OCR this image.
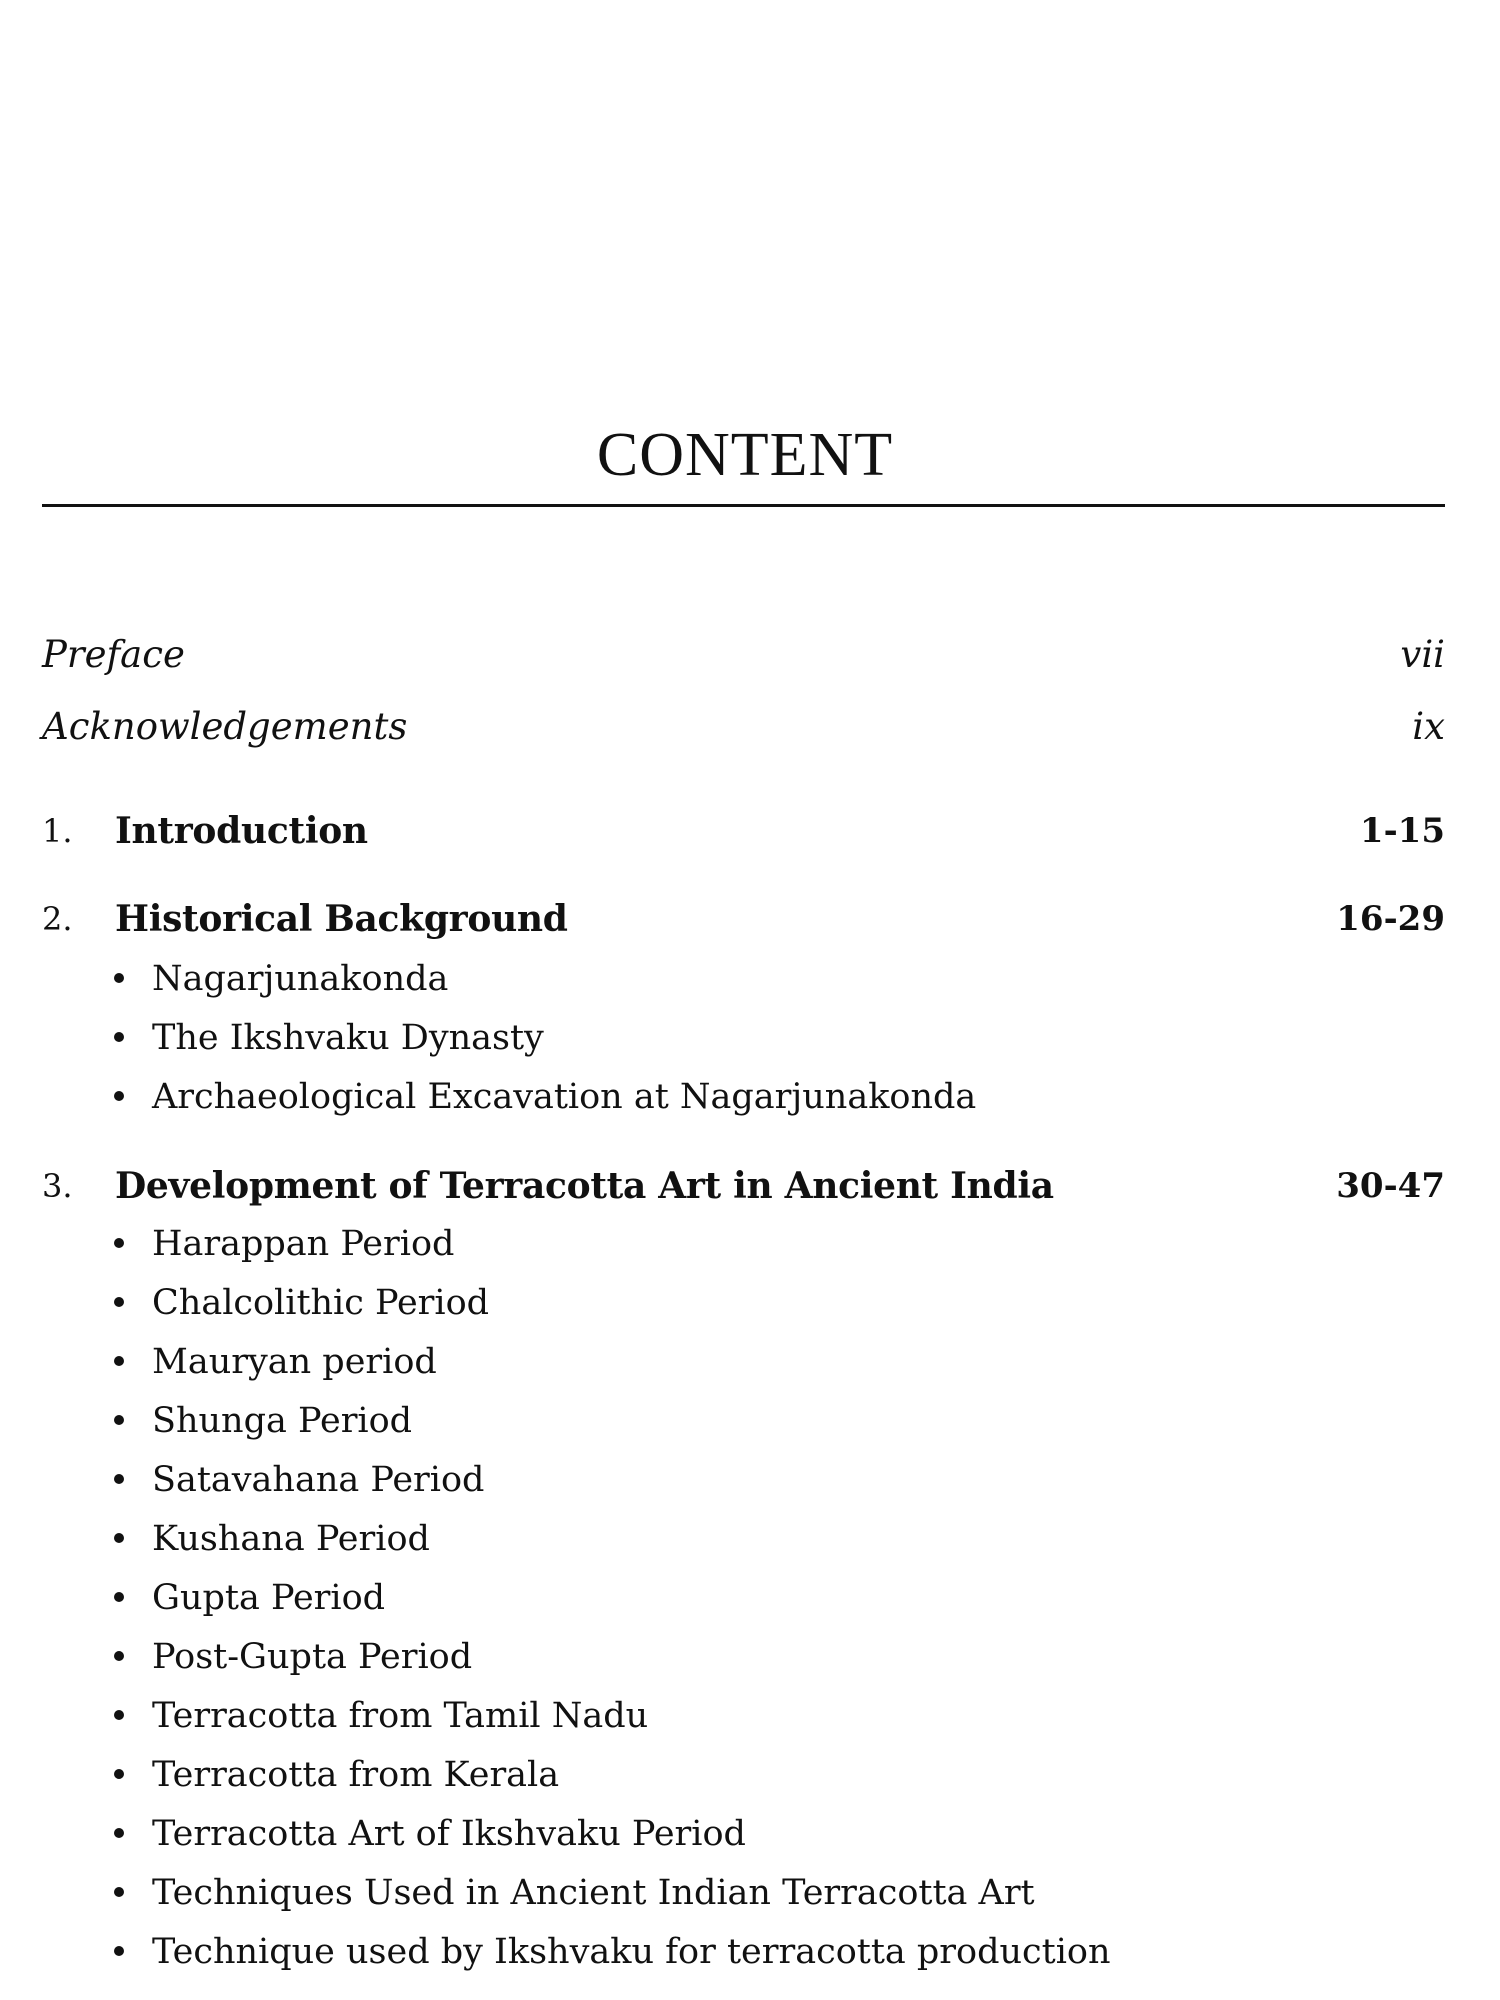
CONTENT
Preface	vii
Acknowledgements	ix
1. Introduction	1-15
2. Historical Background	16-29
Nagarjunakonda
The Ikshvaku Dynasty
Archaeological Excavation at Nagarjunakonda
3. Development of Terracotta Art in Ancient India	30-47
Harappan Period
Chalcolithic Period
Mauryan period
Shunga Period
Satavahana Period
Kushana Period
Gupta Period
Post-Gupta Period
Terracotta from Tamil Nadu
Terracotta from Kerala
Terracotta Art of Ikshvaku Period
Techniques Used in Ancient Indian Terracotta Art
Technique used by Ikshvaku for terracotta production
